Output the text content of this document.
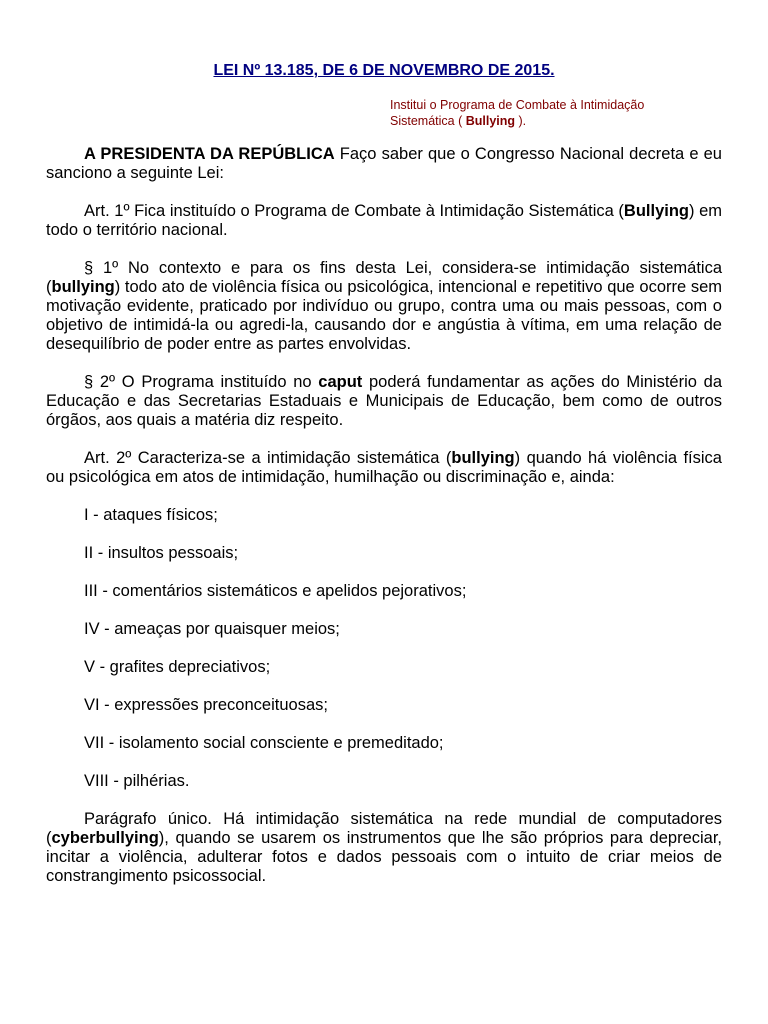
LEI Nº 13.185, DE 6 DE NOVEMBRO DE 2015.

Institui o Programa de Combate à Intimidação Sistemática ( Bullying ).

A PRESIDENTA DA REPÚBLICA Faço saber que o Congresso Nacional decreta e eu sanciono a seguinte Lei:

Art. 1º Fica instituído o Programa de Combate à Intimidação Sistemática (Bullying) em todo o território nacional.

§ 1º No contexto e para os fins desta Lei, considera-se intimidação sistemática (bullying) todo ato de violência física ou psicológica, intencional e repetitivo que ocorre sem motivação evidente, praticado por indivíduo ou grupo, contra uma ou mais pessoas, com o objetivo de intimidá-la ou agredi-la, causando dor e angústia à vítima, em uma relação de desequilíbrio de poder entre as partes envolvidas.

§ 2º O Programa instituído no caput poderá fundamentar as ações do Ministério da Educação e das Secretarias Estaduais e Municipais de Educação, bem como de outros órgãos, aos quais a matéria diz respeito.

Art. 2º Caracteriza-se a intimidação sistemática (bullying) quando há violência física ou psicológica em atos de intimidação, humilhação ou discriminação e, ainda:

I - ataques físicos;

II - insultos pessoais;

III - comentários sistemáticos e apelidos pejorativos;

IV - ameaças por quaisquer meios;

V - grafites depreciativos;

VI - expressões preconceituosas;

VII - isolamento social consciente e premeditado;

VIII - pilhérias.

Parágrafo único. Há intimidação sistemática na rede mundial de computadores (cyberbullying), quando se usarem os instrumentos que lhe são próprios para depreciar, incitar a violência, adulterar fotos e dados pessoais com o intuito de criar meios de constrangimento psicossocial.
